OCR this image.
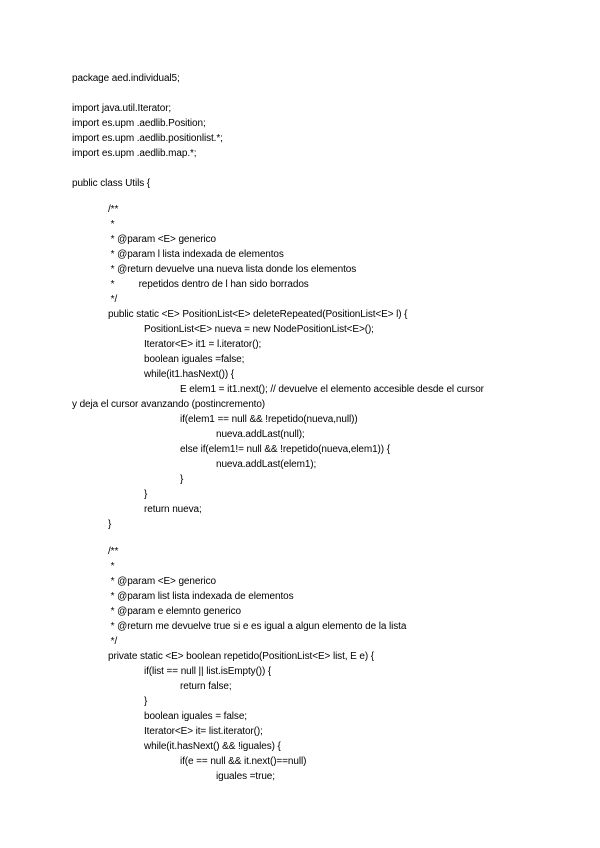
package aed.individual5;
import java.util.Iterator;
import es.upm .aedlib.Position;
import es.upm .aedlib.positionlist.*;
import es.upm .aedlib.map.*;
public class Utils {
/**
*
* @param <E> generico
* @param l lista indexada de elementos
* @return devuelve una nueva lista donde los elementos
*         repetidos dentro de l han sido borrados
*/
public static <E> PositionList<E> deleteRepeated(PositionList<E> l) {
PositionList<E> nueva = new NodePositionList<E>();
Iterator<E> it1 = l.iterator();
boolean iguales =false;
while(it1.hasNext()) {
E elem1 = it1.next(); // devuelve el elemento accesible desde el cursor
y deja el cursor avanzando (postincremento)
if(elem1 == null && !repetido(nueva,null))
nueva.addLast(null);
else if(elem1!= null && !repetido(nueva,elem1)) {
nueva.addLast(elem1);
}
}
return nueva;
}
/**
*
* @param <E> generico
* @param list lista indexada de elementos
* @param e elemnto generico
* @return me devuelve true si e es igual a algun elemento de la lista
*/
private static <E> boolean repetido(PositionList<E> list, E e) {
if(list == null || list.isEmpty()) {
return false;
}
boolean iguales = false;
Iterator<E> it= list.iterator();
while(it.hasNext() && !iguales) {
if(e == null && it.next()==null)
iguales =true;
